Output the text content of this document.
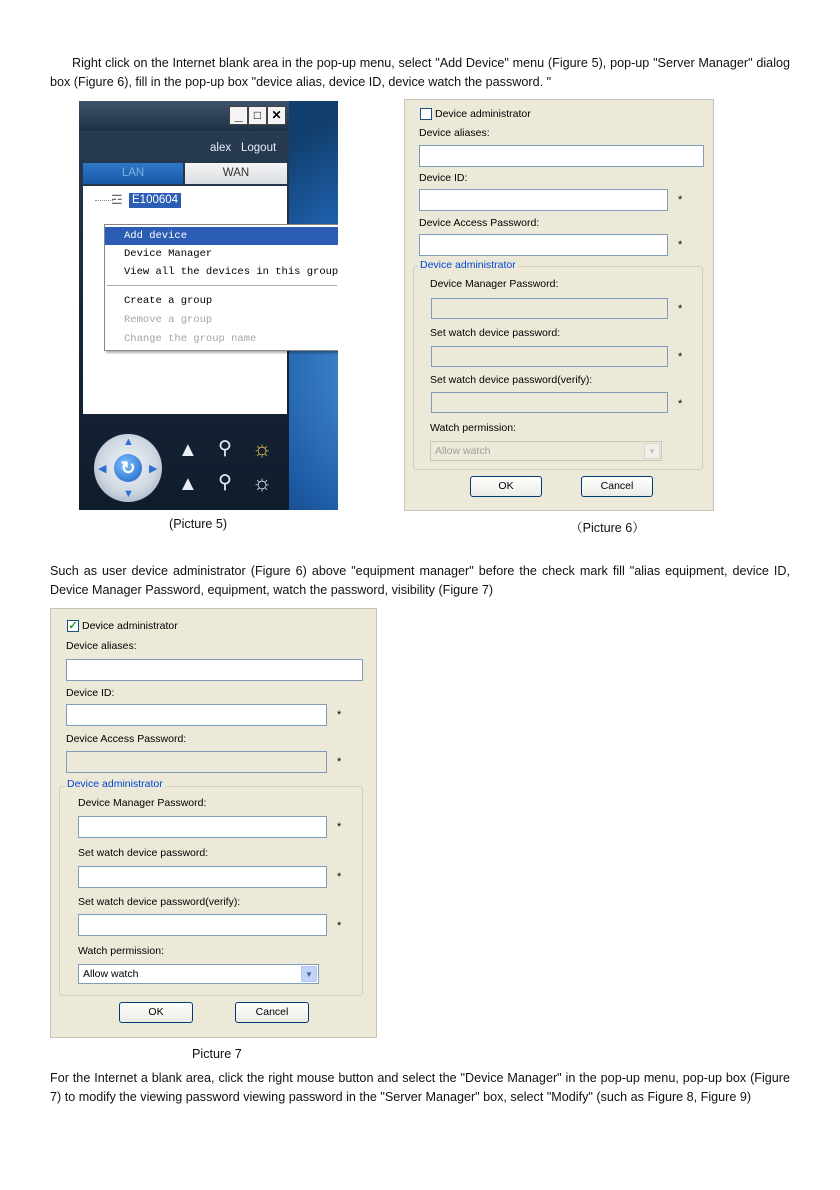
Right click on the Internet blank area in the pop-up menu, select "Add Device" menu (Figure 5), pop-up "Server Manager" dialog box (Figure 6), fill in the pop-up box "device alias, device ID, device watch the password. "

_ □ ✕
alex Logout
LAN	WAN
☲ E100604
Add device
Device Manager
View all the devices in this group
Create a group
Remove a group
Change the group name
▲
▼
◀	▶
↻
▲
▲
⚲
⚲
☼
☼
(Picture 5)
Device administrator
Device aliases:
Device ID:
*
Device Access Password:
*
Device administrator
Device Manager Password:
*
Set watch device password:
*
Set watch device password(verify):
*
Watch permission:
Allow watch	▼
OK	Cancel
（Picture 6）

Such as user device administrator (Figure 6) above "equipment manager" before the check mark fill "alias equipment, device ID, Device Manager Password, equipment, watch the password, visibility (Figure 7)

✓ Device administrator
Device aliases:
Device ID:
*
Device Access Password:
*
Device administrator
Device Manager Password:
*
Set watch device password:
*
Set watch device password(verify):
*
Watch permission:
Allow watch	▼
OK	Cancel
Picture 7

For the Internet a blank area, click the right mouse button and select the "Device Manager" in the pop-up menu, pop-up box (Figure 7) to modify the viewing password viewing password in the "Server Manager" box, select "Modify" (such as Figure 8, Figure 9)
